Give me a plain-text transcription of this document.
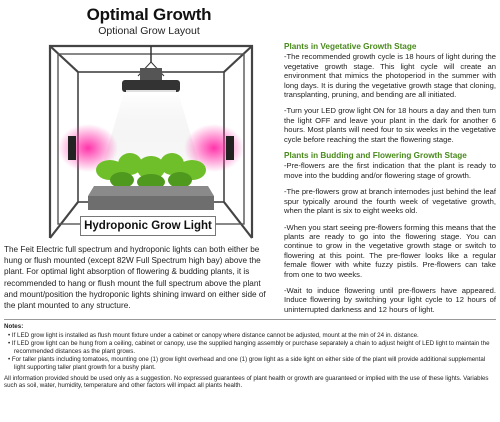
Optimal Growth
Optional Grow Layout
Hydroponic Grow Light
The Feit Electric full spectrum and hydroponic lights can both either be hung or flush mounted (except 82W Full Spectrum high bay) above the plant. For optimal light absorption of flowering & budding plants, it is recommended to hang or flush mount the full spectrum above the plant and mount/position the hydroponic lights shining inward on either side of the plant mounted to any structure.
Plants in Vegetative Growth Stage
-The recommended growth cycle is 18 hours of light during the vegetative growth stage. This light cycle will create an environment that mimics the photoperiod in the summer with long days. It is during the vegetative growth stage that cloning, transplanting, pruning, and bending are all initiated.
-Turn your LED grow light ON for 18 hours a day and then turn the light OFF and leave your plant in the dark for another 6 hours. Most plants will need four to six weeks in the vegetative cycle before reaching the start the flowering stage.
Plants in Budding and Flowering Growth Stage
-Pre-flowers are the first indication that the plant is ready to move into the budding and/or flowering stage of growth.
-The pre-flowers grow at branch internodes just behind the leaf spur typically around the fourth week of vegetative growth, when the plant is six to eight weeks old.
-When you start seeing pre-flowers forming this means that the plants are ready to go into the flowering stage. You can continue to grow in the vegetative growth stage or switch to flowering at this point. The pre-flower looks like a regular female flower with white fuzzy pistils. Pre-flowers can take from one to two weeks.
-Wait to induce flowering until pre-flowers have appeared. Induce flowering by switching your light cycle to 12 hours of uninterrupted darkness and 12 hours of light.
Notes:
• If LED grow light is installed as flush mount fixture under a cabinet or canopy where distance cannot be adjusted, mount at the min of 24 in. distance.
• If LED grow light can be hung from a ceiling, cabinet or canopy, use the supplied hanging assembly or purchase separately a chain to adjust height of LED light to maintain the recommended distances as the plant grows.
• For taller plants including tomatoes, mounting one (1) grow light overhead and one (1) grow light as a side light on either side of the plant will provide additional supplemental light supporting taller plant growth for a bushy plant.
All information provided should be used only as a suggestion. No expressed guarantees of plant health or growth are guaranteed or implied with the use of these lights. Variables such as soil, water, humidity, temperature and other factors will impact all plants health.
